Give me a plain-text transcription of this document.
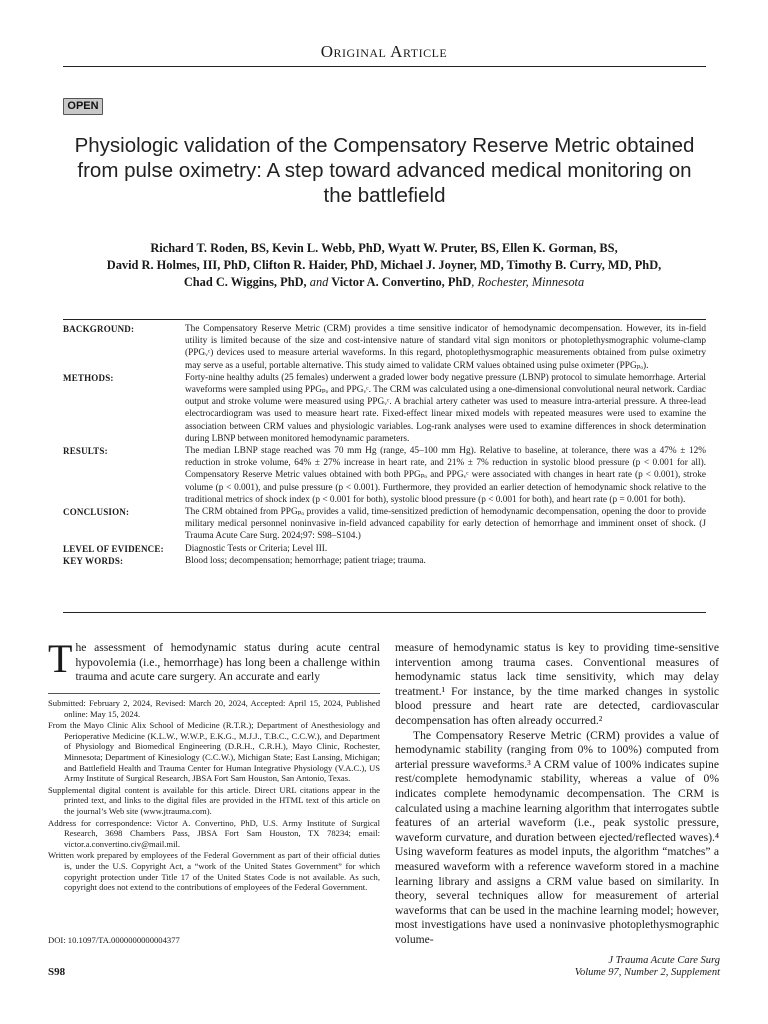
Original Article
OPEN
Physiologic validation of the Compensatory Reserve Metric obtained from pulse oximetry: A step toward advanced medical monitoring on the battlefield
Richard T. Roden, BS, Kevin L. Webb, PhD, Wyatt W. Pruter, BS, Ellen K. Gorman, BS,
David R. Holmes, III, PhD, Clifton R. Haider, PhD, Michael J. Joyner, MD, Timothy B. Curry, MD, PhD,
Chad C. Wiggins, PhD, and Victor A. Convertino, PhD, Rochester, Minnesota
BACKGROUND:	The Compensatory Reserve Metric (CRM) provides a time sensitive indicator of hemodynamic decompensation. However, its in-field utility is limited because of the size and cost-intensive nature of standard vital sign monitors or photoplethysmographic volume-clamp (PPGᵥᶜ) devices used to measure arterial waveforms. In this regard, photoplethysmographic measurements obtained from pulse oximetry may serve as a useful, portable alternative. This study aimed to validate CRM values obtained using pulse oximeter (PPGₚₒ).
METHODS:	Forty-nine healthy adults (25 females) underwent a graded lower body negative pressure (LBNP) protocol to simulate hemorrhage. Arterial waveforms were sampled using PPGₚₒ and PPGᵥᶜ. The CRM was calculated using a one-dimensional convolutional neural network. Cardiac output and stroke volume were measured using PPGᵥᶜ. A brachial artery catheter was used to measure intra-arterial pressure. A three-lead electrocardiogram was used to measure heart rate. Fixed-effect linear mixed models with repeated measures were used to examine the association between CRM values and physiologic variables. Log-rank analyses were used to examine differences in shock determination during LBNP between monitored hemodynamic parameters.
RESULTS:	The median LBNP stage reached was 70 mm Hg (range, 45–100 mm Hg). Relative to baseline, at tolerance, there was a 47% ± 12% reduction in stroke volume, 64% ± 27% increase in heart rate, and 21% ± 7% reduction in systolic blood pressure (p < 0.001 for all). Compensatory Reserve Metric values obtained with both PPGₚₒ and PPGᵥᶜ were associated with changes in heart rate (p < 0.001), stroke volume (p < 0.001), and pulse pressure (p < 0.001). Furthermore, they provided an earlier detection of hemodynamic shock relative to the traditional metrics of shock index (p < 0.001 for both), systolic blood pressure (p < 0.001 for both), and heart rate (p = 0.001 for both).
CONCLUSION:	The CRM obtained from PPGₚₒ provides a valid, time-sensitized prediction of hemodynamic decompensation, opening the door to provide military medical personnel noninvasive in-field advanced capability for early detection of hemorrhage and imminent onset of shock. (J Trauma Acute Care Surg. 2024;97: S98–S104.)
LEVEL OF EVIDENCE:	Diagnostic Tests or Criteria; Level III.
KEY WORDS:	Blood loss; decompensation; hemorrhage; patient triage; trauma.
The assessment of hemodynamic status during acute central hypovolemia (i.e., hemorrhage) has long been a challenge within trauma and acute care surgery. An accurate and early

Submitted: February 2, 2024, Revised: March 20, 2024, Accepted: April 15, 2024, Published online: May 15, 2024.

From the Mayo Clinic Alix School of Medicine (R.T.R.); Department of Anesthesiology and Perioperative Medicine (K.L.W., W.W.P., E.K.G., M.J.J., T.B.C., C.C.W.), and Department of Physiology and Biomedical Engineering (D.R.H., C.R.H.), Mayo Clinic, Rochester, Minnesota; Department of Kinesiology (C.C.W.), Michigan State; East Lansing, Michigan; and Battlefield Health and Trauma Center for Human Integrative Physiology (V.A.C.), US Army Institute of Surgical Research, JBSA Fort Sam Houston, San Antonio, Texas.

Supplemental digital content is available for this article. Direct URL citations appear in the printed text, and links to the digital files are provided in the HTML text of this article on the journal’s Web site (www.jtrauma.com).

Address for correspondence: Victor A. Convertino, PhD, U.S. Army Institute of Surgical Research, 3698 Chambers Pass, JBSA Fort Sam Houston, TX 78234; email: victor.a.convertino.civ@mail.mil.

Written work prepared by employees of the Federal Government as part of their official duties is, under the U.S. Copyright Act, a “work of the United States Government” for which copyright protection under Title 17 of the United States Code is not available. As such, copyright does not extend to the contributions of employees of the Federal Government.

DOI: 10.1097/TA.0000000000004377

measure of hemodynamic status is key to providing time-sensitive intervention among trauma cases. Conventional measures of hemodynamic status lack time sensitivity, which may delay treatment.¹ For instance, by the time marked changes in systolic blood pressure and heart rate are detected, cardiovascular decompensation has often already occurred.²

The Compensatory Reserve Metric (CRM) provides a value of hemodynamic stability (ranging from 0% to 100%) computed from arterial pressure waveforms.³ A CRM value of 100% indicates supine rest/complete hemodynamic stability, whereas a value of 0% indicates complete hemodynamic decompensation. The CRM is calculated using a machine learning algorithm that interrogates subtle features of an arterial waveform (i.e., peak systolic pressure, waveform curvature, and duration between ejected/reflected waves).⁴ Using waveform features as model inputs, the algorithm “matches” a measured waveform with a reference waveform stored in a machine learning library and assigns a CRM value based on similarity. In theory, several techniques allow for measurement of arterial waveforms that can be used in the machine learning model; however, most investigations have used a noninvasive photoplethysmographic volume-

S98
J Trauma Acute Care Surg
Volume 97, Number 2, Supplement
